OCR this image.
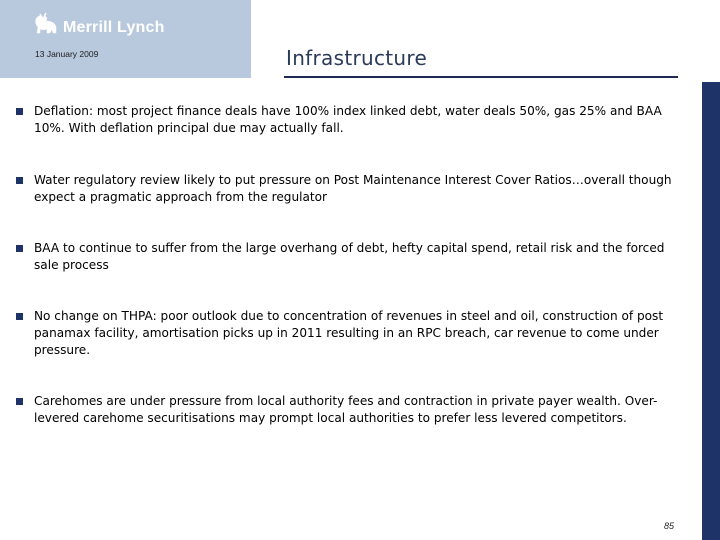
Merrill Lynch
13 January 2009	Infrastructure
Deflation: most project finance deals have 100% index linked debt, water deals 50%, gas 25% and BAA 10%. With deflation principal due may actually fall.
Water regulatory review likely to put pressure on Post Maintenance Interest Cover Ratios…overall though expect a pragmatic approach from the regulator
BAA to continue to suffer from the large overhang of debt, hefty capital spend, retail risk and the forced sale process
No change on THPA: poor outlook due to concentration of revenues in steel and oil, construction of post panamax facility, amortisation picks up in 2011 resulting in an RPC breach, car revenue to come under pressure.
Carehomes are under pressure from local authority fees and contraction in private payer wealth. Over-levered carehome securitisations may prompt local authorities to prefer less levered competitors.
85
